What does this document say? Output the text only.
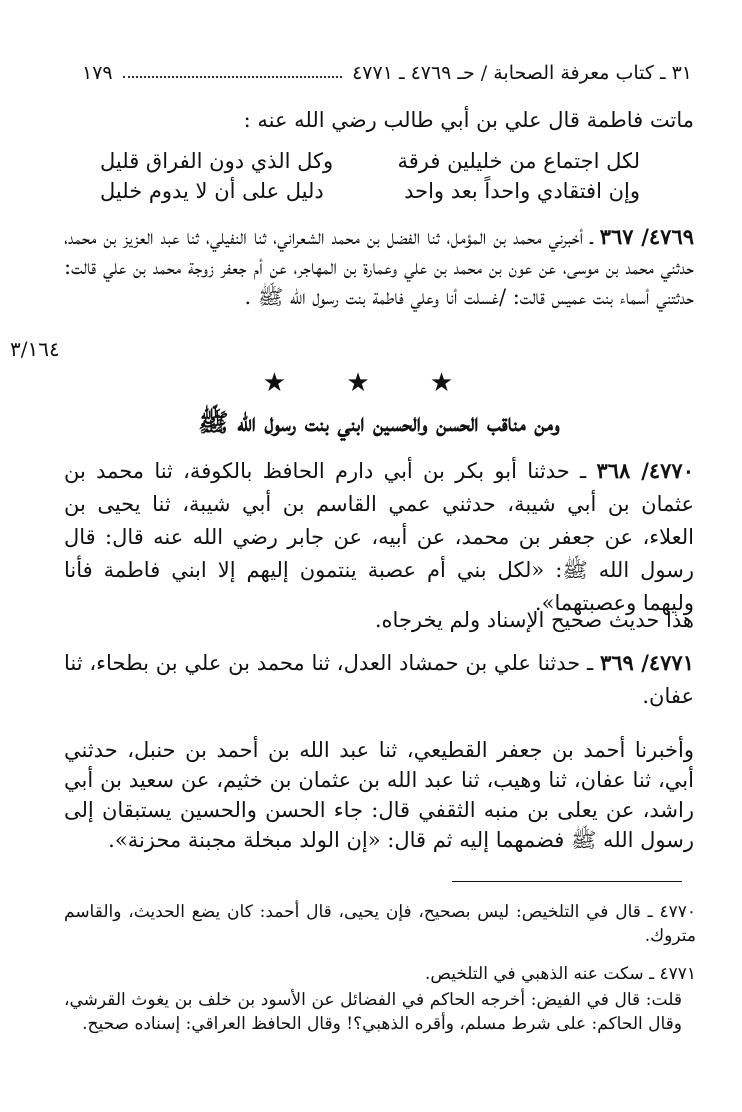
٣١ ـ كتاب معرفة الصحابة / حـ ٤٧٦٩ ـ ٤٧٧١
١٧٩
ماتت فاطمة قال علي بن أبي طالب رضي الله عنه :
لكل اجتماع من خليلين فرقة
وكل الذي دون الفراق قليل
وإن افتقادي واحداً بعد واحد
دليل على أن لا يدوم خليل
٤٧٦٩/ ٣٦٧ ـ أخبرني محمد بن المؤمل، ثنا الفضل بن محمد الشعراني، ثنا النفيلي، ثنا عبد العزيز بن محمد، حدثني محمد بن موسى، عن عون بن محمد بن علي وعمارة بن المهاجر، عن أم جعفر زوجة محمد بن علي قالت: حدثتني أسماء بنت عميس قالت: /غسلت أنا وعلي فاطمة بنت رسول الله ﷺ .
٣/١٦٤
★ ★ ★
ومن مناقب الحسن والحسين ابني بنت رسول الله ﷺ
٤٧٧٠/ ٣٦٨ ـ حدثنا أبو بكر بن أبي دارم الحافظ بالكوفة، ثنا محمد بن عثمان بن أبي شيبة، حدثني عمي القاسم بن أبي شيبة، ثنا يحيى بن العلاء، عن جعفر بن محمد، عن أبيه، عن جابر رضي الله عنه قال: قال رسول الله ﷺ: «لكل بني أم عصبة ينتمون إليهم إلا ابني فاطمة فأنا وليهما وعصبتهما».
هذا حديث صحيح الإسناد ولم يخرجاه.
٤٧٧١/ ٣٦٩ ـ حدثنا علي بن حمشاد العدل، ثنا محمد بن علي بن بطحاء، ثنا عفان.
وأخبرنا أحمد بن جعفر القطيعي، ثنا عبد الله بن أحمد بن حنبل، حدثني أبي، ثنا عفان، ثنا وهيب، ثنا عبد الله بن عثمان بن خثيم، عن سعيد بن أبي راشد، عن يعلى بن منبه الثقفي قال: جاء الحسن والحسين يستبقان إلى رسول الله ﷺ فضمهما إليه ثم قال: «إن الولد مبخلة مجبنة محزنة».
٤٧٧٠ ـ قال في التلخيص: ليس بصحيح، فإن يحيى، قال أحمد: كان يضع الحديث، والقاسم متروك.
٤٧٧١ ـ سكت عنه الذهبي في التلخيص.
قلت: قال في الفيض: أخرجه الحاكم في الفضائل عن الأسود بن خلف بن يغوث القرشي، وقال الحاكم: على شرط مسلم، وأقره الذهبي؟! وقال الحافظ العراقي: إسناده صحيح.
